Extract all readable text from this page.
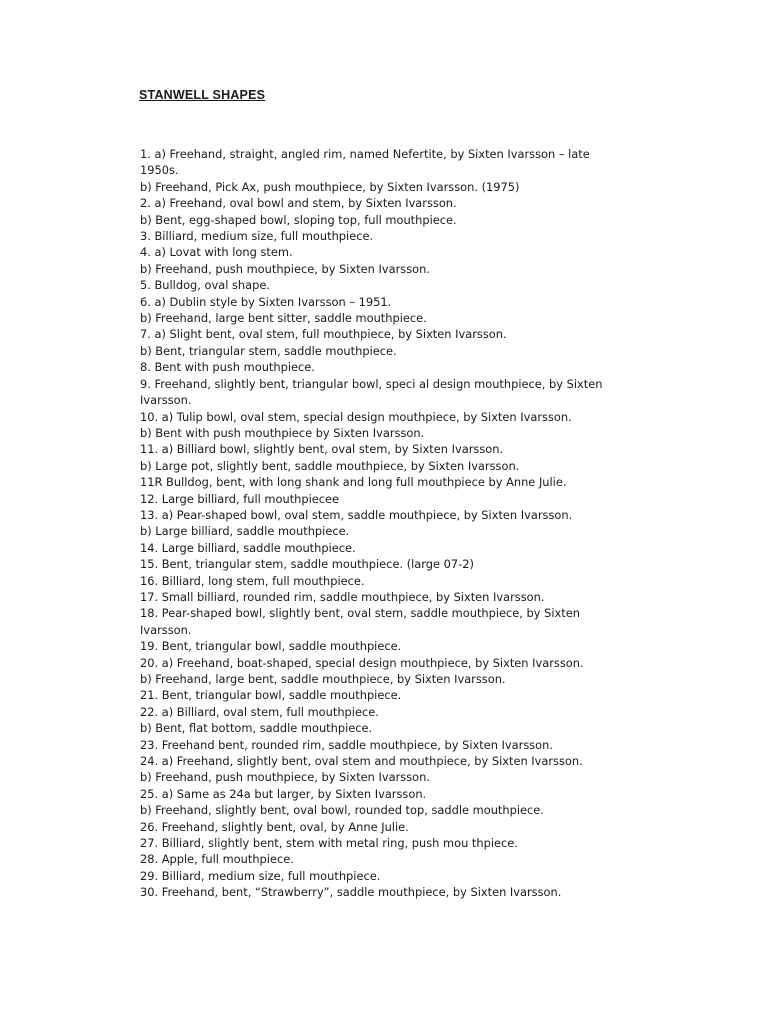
STANWELL SHAPES
1. a) Freehand, straight, angled rim, named Nefertite, by Sixten Ivarsson – late 1950s.
b) Freehand, Pick Ax, push mouthpiece, by Sixten Ivarsson. (1975)
2. a) Freehand, oval bowl and stem, by Sixten Ivarsson.
b) Bent, egg-shaped bowl, sloping top, full mouthpiece.
3. Billiard, medium size, full mouthpiece.
4. a) Lovat with long stem.
b) Freehand, push mouthpiece, by Sixten Ivarsson.
5. Bulldog, oval shape.
6. a) Dublin style by Sixten Ivarsson – 1951.
b) Freehand, large bent sitter, saddle mouthpiece.
7. a) Slight bent, oval stem, full mouthpiece, by Sixten Ivarsson.
b) Bent, triangular stem, saddle mouthpiece.
8. Bent with push mouthpiece.
9. Freehand, slightly bent, triangular bowl, speci al design mouthpiece, by Sixten Ivarsson.
10. a) Tulip bowl, oval stem, special design mouthpiece, by Sixten Ivarsson.
b) Bent with push mouthpiece by Sixten Ivarsson.
11. a) Billiard bowl, slightly bent, oval stem, by Sixten Ivarsson.
b) Large pot, slightly bent, saddle mouthpiece, by Sixten Ivarsson.
11R Bulldog, bent, with long shank and long full mouthpiece by Anne Julie.
12. Large billiard, full mouthpiecee
13. a) Pear-shaped bowl, oval stem, saddle mouthpiece, by Sixten Ivarsson.
b) Large billiard, saddle mouthpiece.
14. Large billiard, saddle mouthpiece.
15. Bent, triangular stem, saddle mouthpiece. (large 07-2)
16. Billiard, long stem, full mouthpiece.
17. Small billiard, rounded rim, saddle mouthpiece, by Sixten Ivarsson.
18. Pear-shaped bowl, slightly bent, oval stem, saddle mouthpiece, by Sixten Ivarsson.
19. Bent, triangular bowl, saddle mouthpiece.
20. a) Freehand, boat-shaped, special design mouthpiece, by Sixten Ivarsson.
b) Freehand, large bent, saddle mouthpiece, by Sixten Ivarsson.
21. Bent, triangular bowl, saddle mouthpiece.
22. a) Billiard, oval stem, full mouthpiece.
b) Bent, flat bottom, saddle mouthpiece.
23. Freehand bent, rounded rim, saddle mouthpiece, by Sixten Ivarsson.
24. a) Freehand, slightly bent, oval stem and mouthpiece, by Sixten Ivarsson.
b) Freehand, push mouthpiece, by Sixten Ivarsson.
25. a) Same as 24a but larger, by Sixten Ivarsson.
b) Freehand, slightly bent, oval bowl, rounded top, saddle mouthpiece.
26. Freehand, slightly bent, oval, by Anne Julie.
27. Billiard, slightly bent, stem with metal ring, push mou thpiece.
28. Apple, full mouthpiece.
29. Billiard, medium size, full mouthpiece.
30. Freehand, bent, “Strawberry”, saddle mouthpiece, by Sixten Ivarsson.
